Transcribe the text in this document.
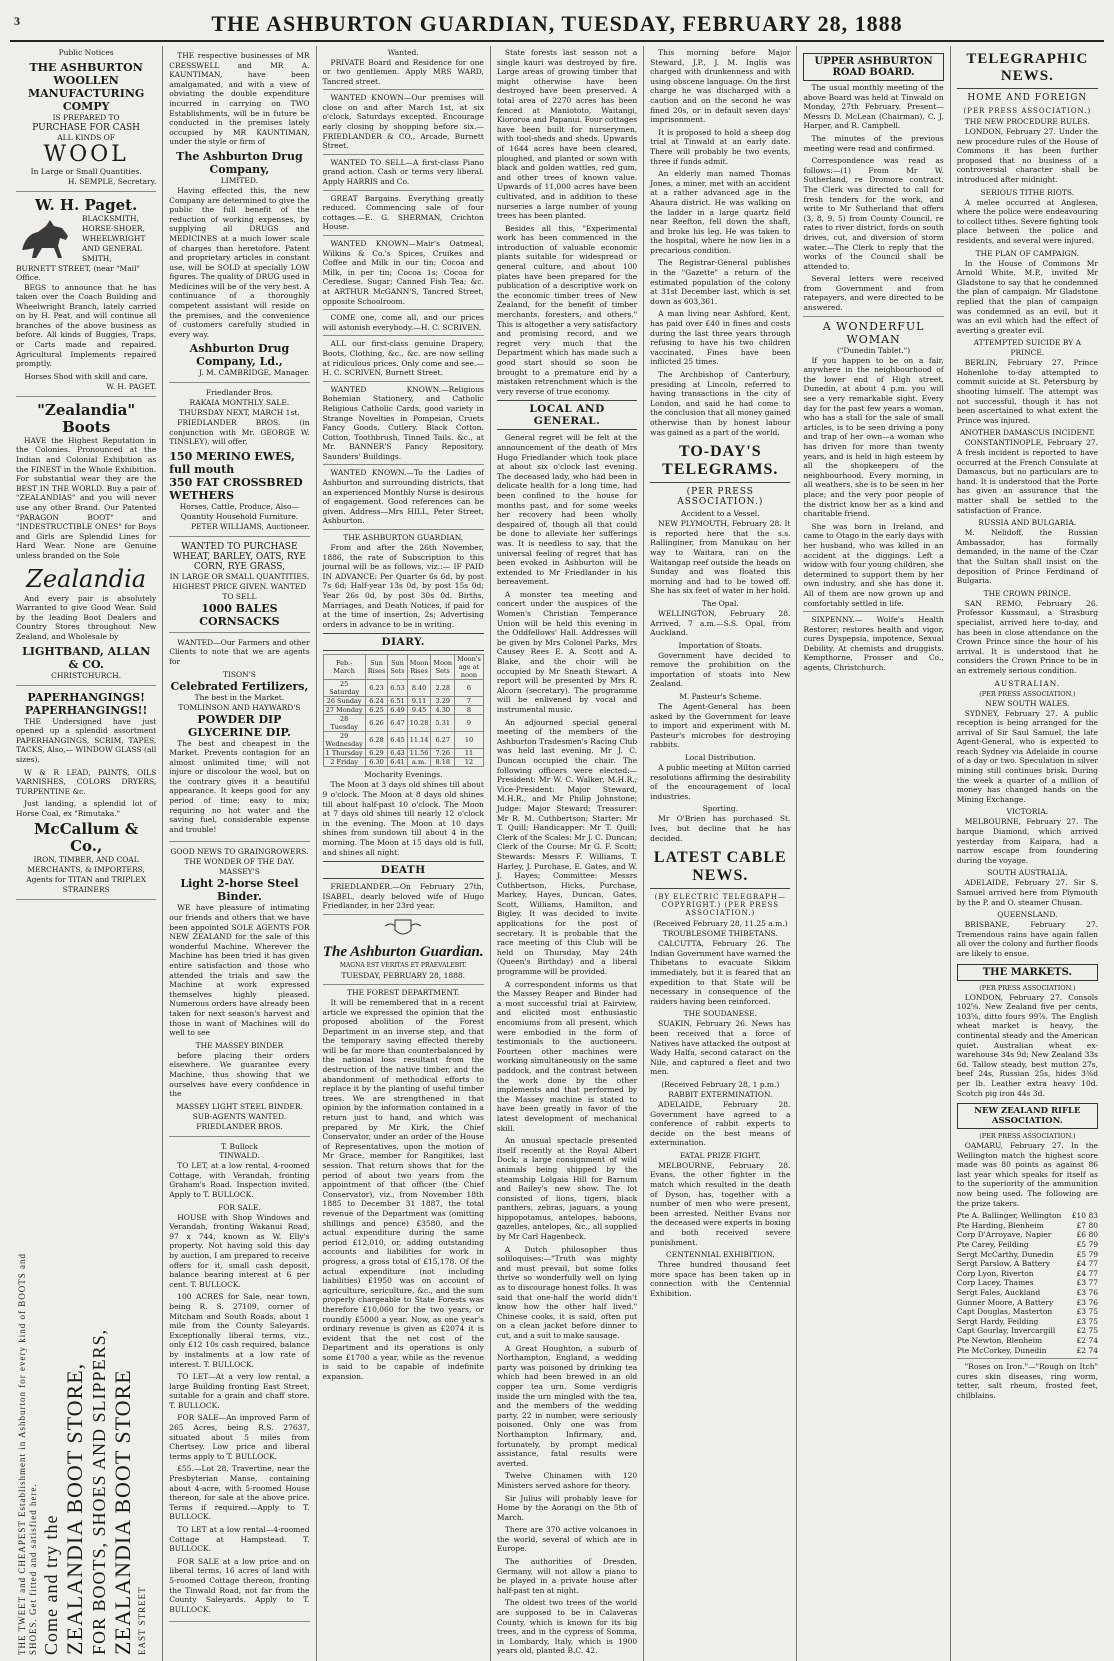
3	THE ASHBURTON GUARDIAN, TUESDAY, FEBRUARY 28, 1888
Public Notices
THE ASHBURTON WOOLLEN
MANUFACTURING COMPY
IS PREPARED TO
PURCHASE FOR CASH
ALL KINDS OF
WOOL
In Large or Small Quantities.
H. SEMPLE, Secretary.
W. H. Paget.
BLACKSMITH, HORSE-SHOER, WHEELWRIGHT AND GENERAL SMITH,
BURNETT STREET, (near "Mail" Office.

BEGS to announce that he has taken over the Coach Building and Wheelwright Branch, lately carried on by H. Peat, and will continue all branches of the above business as before. All kinds of Buggies, Traps, or Carts made and repaired. Agricultural Implements repaired promptly.

Horses Shod with skill and care.
W. H. PAGET.
"Zealandia" Boots

HAVE the Highest Reputation in the Colonies. Pronounced at the Indian and Colonial Exhibition as the FINEST in the Whole Exhibition. For substantial wear they are the BEST IN THE WORLD. Buy a pair of "ZEALANDIAS" and you will never use any other Brand. Our Patented "PARAGON BOOT" and "INDESTRUCTIBLE ONES" for Boys and Girls are Splendid Lines for Hard Wear. None are Genuine unless branded on the Sole

Zealandia

And every pair is absolutely Warranted to give Good Wear. Sold by the leading Boot Dealers and Country Stores throughout New Zealand, and Wholesale by

LIGHTBAND, ALLAN & CO.
CHRISTCHURCH.
PAPERHANGINGS! PAPERHANGINGS!!

THE Undersigned have just opened up a splendid assortment PAPERHANGINGS, SCRIM, TAPES, TACKS, Also,— WINDOW GLASS (all sizes).

W & R LEAD, PAINTS, OILS VARNISHES, COLORS DRYERS, TURPENTINE &c.

Just landing, a splendid lot of Horse Coal, ex "Rimutaka."

McCallum & Co.,
IRON, TIMBER, AND COAL MERCHANTS, & IMPORTERS,
Agents for TITAN and TRIPLEX STRAINERS
THE TWEET and CHEAPEST Establishment in Ashburton for every kind of BOOTS and SHOES. Get fitted and satisfied here. Come and try the ZEALANDIA BOOT STORE, FOR BOOTS, SHOES AND SLIPPERS, ZEALANDIA BOOT STORE EAST STREET

THE respective businesses of MR CRESSWELL and MR A. KAUNTIMAN, have been amalgamated, and with a view of obviating the double expenditure incurred in carrying on TWO Establishments, will be in future be conducted in the premises lately occupied by MR KAUNTIMAN, under the style or firm of

The Ashburton Drug Company,
LIMITED.

Having effected this, the new Company are determined to give the public the full benefit of the reduction of working expenses, by supplying all DRUGS and MEDICINES at a much lower scale of charges than heretofore. Patent and proprietary articles in constant use, will be SOLD at specially LOW figures. The quality of DRUG used in Medicines will be of the very best. A continuance of a thoroughly competent assistant will reside on the premises, and the convenience of customers carefully studied in every way.

Ashburton Drug Company, Ld.,
J. M. CAMBRIDGE, Manager.
Friedlander Bros.
RAKAIA MONTHLY SALE.
THURSDAY NEXT, MARCH 1st.

FRIEDLANDER BROS. (in conjunction with Mr. GEORGE W. TINSLEY), will offer,

150 MERINO EWES, full mouth
350 FAT CROSSBRED WETHERS
Horses, Cattle, Produce, Also— Quantity Household Furniture.
PETER WILLIAMS, Auctioneer.
WANTED TO PURCHASE WHEAT, BARLEY, OATS, RYE CORN, RYE GRASS,
IN LARGE OR SMALL QUANTITIES. HIGHEST PRICE GIVEN. WANTED TO SELL
1000 BALES CORNSACKS

WANTED—Our Farmers and other Clients to note that we are agents for

TISON'S
Celebrated Fertilizers,
The best in the Market.
TOMLINSON AND HAYWARD'S
POWDER DIP
GLYCERINE DIP.

The best and cheapest in the Market. Prevents contagion for an almost unlimited time; will not injure or discolour the wool, but on the contrary gives it a beautiful appearance. It keeps good for any period of time; easy to mix; requiring no hot water and the saving fuel, considerable expense and trouble!

GOOD NEWS TO GRAINGROWERS.
THE WONDER OF THE DAY.
MASSEY'S
Light 2-horse Steel Binder.

WE have pleasure of intimating our friends and others that we have been appointed SOLE AGENTS FOR NEW ZEALAND for the sale of this wonderful Machine. Wherever the Machine has been tried it has given entire satisfaction and those who attended the trials and saw the Machine at work expressed themselves highly pleased. Numerous orders have already been taken for next season's harvest and those in want of Machines will do well to see

THE MASSEY BINDER

before placing their orders elsewhere. We guarantee every Machine, thus showing that we ourselves have every confidence in the

MASSEY LIGHT STEEL BINDER.
SUB-AGENTS WANTED.
FRIEDLANDER BROS.
T. Bullock
TINWALD.

TO LET, at a low rental, 4-roomed Cottage, with Verandah, fronting Graham's Road. Inspection invited. Apply to T. BULLOCK.

FOR SALE.

HOUSE with Shop Windows and Verandah, fronting Wakanui Road, 97 x 744, known as W. Elly's property. Not having sold this day by auction, I am prepared to receive offers for it, small cash deposit, balance bearing interest at 6 per cent. T. BULLOCK.

100 ACRES for Sale, near town, being R. S. 27109, corner of Mitcham and South Roads, about 1 mile from the County Saleyards. Exceptionally liberal terms, viz., only £12 10s cash required, balance by instalments at a low rate of interest. T. BULLOCK.

TO LET—At a very low rental, a large Building fronting East Street, suitable for a grain and chaff store. T. BULLOCK.

FOR SALE—An improved Farm of 265 Acres, being R.S. 27637, situated about 5 miles from Chertsey. Low price and liberal terms apply to T. BULLOCK.

£55.—Lot 28, Travertine, near the Presbyterian Manse, containing about 4-acre, with 5-roomed House thereon, for sale at the above price. Terms if required.—Apply to T. BULLOCK.

TO LET at a low rental—4-roomed Cottage at Hampstead. T. BULLOCK.

FOR SALE at a low price and on liberal terms, 16 acres of land with 5-roomed Cottage thereon, fronting the Tinwald Road, not far from the County Saleyards. Apply to T. BULLOCK.

Wanted.

PRIVATE Board and Residence for one or two gentlemen. Apply MRS WARD, Tancred street.

WANTED KNOWN—Our premises will close on and after March 1st, at six o'clock, Saturdays excepted. Encourage early closing by shopping before six.—FRIEDLANDER & CO., Arcade, Burnett Street.

WANTED TO SELL—A first-class Piano grand action. Cash or terms very liberal. Apply HARRIS and Co.

GREAT Bargains. Everything greatly reduced. Commencing sale of four cottages.—E. G. SHERMAN, Crichton House.

WANTED KNOWN—Mair's Oatmeal, Wilkins & Co.'s Spices, Cruikes and Coffee and Milk in our tin; Cocoa and Milk, in per tin; Cocoa 1s; Cocoa for Ceredlese. Sugar; Canned Fish Tea; &c. at ARTHUR McGANN'S, Tancred Street, opposite Schoolroom.

COME one, come all, and our prices will astonish everybody.—H. C. SCRIVEN.

ALL our first-class genuine Drapery, Boots, Clothing, &c., &c. are now selling at ridiculous prices. Only come and see.—H. C. SCRIVEN, Burnett Street.

WANTED KNOWN.—Religious Bohemian Stationery, and Catholic Religious Catholic Cards, good variety in Strange Novelties in Pompeian, Cruets Fancy Goods, Cutlery. Black Cotton. Cotton, Toothbrush, Tinned Tails. &c., at Mr. BANNER'S Fancy Repository, Saunders' Buildings.

WANTED KNOWN.—To the Ladies of Ashburton and surrounding districts, that an experienced Monthly Nurse is desirous of engagement. Good references can be given. Address—Mrs HILL, Peter Street, Ashburton.

THE ASHBURTON GUARDIAN.

From and after the 26th November, 1886, the rate of Subscription to this journal will be as follows, viz.:— IF PAID IN ADVANCE: Per Quarter 6s 6d, by post 7s 6d; Half-year 13s 0d, by post 15s 0d; Year 26s 0d, by post 30s 0d. Births, Marriages, and Death Notices, if paid for at the time of insertion, 2s; Advertising orders in advance to be in writing.

DIARY.
Feb.-March	Sun Rises	Sun Sets	Moon Rises	Moon Sets	Moon's age at noon
25 Saturday	6.23	6.53	8.40	2.28	6
26 Sunday	6.24	6.51	9.11	3.29	7
27 Monday	6.25	6.49	9.45	4.30	8
28 Tuesday	6.26	6.47	10.28	5.31	9
29 Wednesday	6.28	6.45	11.14	6.27	10
1 Thursday	6.29	6.43	11.56	7.26	11
2 Friday	6.30	6.41	a.m.	8.18	12
Mocharity Evenings.

The Moon at 3 days old shines till about 9 o'clock. The Moon at 8 days old shines till about half-past 10 o'clock. The Moon at 7 days old shines till nearly 12 o'clock in the evening. The Moon at 10 days shines from sundown till about 4 in the morning. The Moon at 15 days old is full, and shines all night.

DEATH

FRIEDLANDER.—On February 27th, ISABEL, dearly beloved wife of Hugo Friedlander, in her 23rd year.

The Ashburton Guardian.
MAGNA EST VERITAS ET PRAEVALEBIT.
TUESDAY, FEBRUARY 28, 1888.
THE FOREST DEPARTMENT.

It will be remembered that in a recent article we expressed the opinion that the proposed abolition of the Forest Department in an inverse step, and that the temporary saving effected thereby will be far more than counterbalanced by the national loss resultant from the destruction of the native timber, and the abandonment of methodical efforts to replace it by the planting of useful timber trees. We are strengthened in that opinion by the information contained in a return just to hand, and which was prepared by Mr Kirk, the Chief Conservator, under an order of the House of Representatives, upon the motion of Mr Grace, member for Rangitikei, last session. That return shows that for the period of about two years from the appointment of that officer (the Chief Conservator), viz., from November 18th 1885 to December 31 1887, the total revenue of the Department was (omitting shillings and pence) £3580, and the actual expenditure during the same period £12,010, or, adding outstanding accounts and liabilities for work in progress, a gross total of £15,178. Of the actual expenditure (not including liabilities) £1950 was on account of agriculture, sericulture, &c., and the sum properly chargeable to State Forests was therefore £10,060 for the two years, or roundly £5000 a year. Now, as one year's ordinary revenue is given as £2074 it is evident that the net cost of the Department and its operations is only some £1700 a year, while as the revenue is said to be capable of indefinite expansion.

State forests last season not a single kauri was destroyed by fire. Large areas of growing timber that might otherwise have been destroyed have been preserved. A total area of 2270 acres has been fenced at Maniototo, Waitangi, Kiororoa and Papanui. Four cottages have been built for nurserymen, with tool-sheds and sheds. Upwards of 1644 acres have been cleared, ploughed, and planted or sown with black and golden wattles, red gum, and other trees of known value. Upwards of 11,000 acres have been cultivated, and in addition to these nurseries a large number of young trees has been planted.

Besides all this, "Experimental work has been commenced in the introduction of valuable economic plants suitable for widespread or general culture, and about 100 plates have been prepared for the publication of a descriptive work on the economic timber trees of New Zealand, for the benefit of timber merchants, foresters, and others." This is altogether a very satisfactory and promising record, and we regret very much that the Department which has made such a good start should so soon be brought to a premature end by a mistaken retrenchment which is the very reverse of true economy.

LOCAL AND GENERAL.

General regret will be felt at the announcement of the death of Mrs Hugo Friedlander which took place at about six o'clock last evening. The deceased lady, who had been in delicate health for a long time, had been confined to the house for months past, and for some weeks her recovery had been wholly despaired of, though all that could be done to alleviate her sufferings was. It is needless to say, that the universal feeling of regret that has been evoked in Ashburton will be extended to Mr Friedlander in his bereavement.

A monster tea meeting and concert under the auspices of the Women's Christian Temperance Union will be held this evening in the Oddfellows' Hall. Addresses will be given by Mrs Colonel Parks, Mrs Causey Rees E. A. Scott and A. Blake, and the choir will be occupied by Mr Sneath Stewart. A report will be presented by Mrs R. Alcorn (secretary). The programme will be enlivened by vocal and instrumental music.

An adjourned special general meeting of the members of the Ashburton Tradesmen's Racing Club was held last evening. Mr J. C. Duncan occupied the chair. The following officers were elected:—President: Mr W. C. Walker, M.H.R.; Vice-President: Major Steward, M.H.R., and Mr Philip Johnstone; Judge: Major Steward; Treasurer: Mr R. M. Cuthbertson; Starter: Mr T. Quill; Handicapper: Mr T. Quill; Clerk of the Scales: Mr J. C. Duncan; Clerk of the Course: Mr G. F. Scott; Stewards: Messrs F. Williams, T. Harley, J. Purchase, E. Gates, and W. J. Hayes; Committee: Messrs Cuthbertson, Hicks, Purchase, Markey, Hayes, Duncan, Gates, Scott, Williams, Hamilton, and Bigley. It was decided to invite applications for the post of secretary. It is probable that the race meeting of this Club will be held on Thursday, May 24th (Queen's Birthday) and a liberal programme will be provided.

A correspondent informs us that the Massey Reaper and Binder had a most successful trial at Fairview, and elicited most enthusiastic encomiums from all present, which were embodied in the form of testimonials to the auctioneers. Fourteen other machines were working simultaneously on the same paddock, and the contrast between the work done by the other implements and that performed by the Massey machine is stated to have been greatly in favor of the latest development of mechanical skill.

An unusual spectacle presented itself recently at the Royal Albert Dock; a large consignment of wild animals being shipped by the steamship Lolgaia Hill for Barnum and Bailey's new show. The lot consisted of lions, tigers, black panthers, zebras, jaguars, a young hippopotamus, antelopes, baboons, gazelles, antelopes, &c., all supplied by Mr Carl Hagenbeck.

A Dutch philosopher thus soliloquises:—"Truth was mighty and must prevail, but some folks thrive so wonderfully well on lying as to discourage honest folks. It was said that one-half the world didn't know how the other half lived." Chinese cooks, it is said, often put on a clean jacket before dinner to cut, and a suit to make sausage.

A Great Houghton, a suburb of Northampton, England, a wedding party was poisoned by drinking tea which had been brewed in an old copper tea urn. Some verdigris inside the urn mingled with the tea, and the members of the wedding party, 22 in number, were seriously poisoned. Only one was from Northampton Infirmary, and, fortunately, by prompt medical assistance, fatal results were averted.

Twelve Chinamen with 120 Ministers served ashore for theory.

Sir Julius will probably leave for Home by the Aorangi on the 5th of March.

There are 370 active volcanoes in the world, several of which are in Europe.

The authorities of Dresden, Germany, will not allow a piano to be played in a private house after half-past ten at night.

The oldest two trees of the world are supposed to be in Calaveras County, which is known for its big trees, and in the cypress of Somma, in Lombardy, Italy, which is 1900 years old, planted B.C. 42.

This morning before Major Steward, J.P., J. M. Inglis was charged with drunkenness and with using obscene language. On the first charge he was discharged with a caution and on the second he was fined 20s, or in default seven days' imprisonment.

It is proposed to hold a sheep dog trial at Tinwald at an early date. There will probably be two events, three if funds admit.

An elderly man named Thomas Jones, a miner, met with an accident at a rather advanced age in the Ahaura district. He was walking on the ladder in a large quartz field near Reefton, fell down the shaft, and broke his leg. He was taken to the hospital, where he now lies in a precarious condition.

The Registrar-General publishes in the "Gazette" a return of the estimated population of the colony at 31st December last, which is set down as 603,361.

A man living near Ashford, Kent, has paid over £40 in fines and costs during the last three years through refusing to have his two children vaccinated. Fines have been inflicted 25 times.

The Archbishop of Canterbury, presiding at Lincoln, referred to having transactions in the city of London, and said he had come to the conclusion that all money gained otherwise than by honest labour was gained as a part of the world.

TO-DAY'S TELEGRAMS.
(PER PRESS ASSOCIATION.)
Accident to a Vessel.

NEW PLYMOUTH, February 28. It is reported here that the s.s. Rallinginer, from Manukau on her way to Waitara, ran on the Waitangap reef outside the heads on Sunday and was floated this morning and had to be towed off. She has six feet of water in her hold.

The Opal.

WELLINGTON, February 28. Arrived, 7 a.m.—S.S. Opal, from Auckland.

Importation of Stoats.

Government have decided to remove the prohibition on the importation of stoats into New Zealand.

M. Pasteur's Scheme.

The Agent-General has been asked by the Government for leave to import and experiment with M. Pasteur's microbes for destroying rabbits.

Local Distribution.

A public meeting at Milton carried resolutions affirming the desirability of the encouragement of local industries.

Sporting.

Mr O'Brien has purchased St. Ives, but decline that he has decided.

LATEST CABLE NEWS.
(BY ELECTRIC TELEGRAPH—COPYRIGHT.) (PER PRESS ASSOCIATION.)
(Received February 28, 11.25 a.m.)
TROUBLESOME THIBETANS.

CALCUTTA, February 26. The Indian Government have warned the Thibetans to evacuate Sikkim immediately, but it is feared that an expedition to that State will be necessary in consequence of the raiders having been reinforced.

THE SOUDANESE.

SUAKIN, February 26. News has been received that a force of Natives have attacked the outpost at Wady Halfa, second cataract on the Nile, and captured a fleet and two men.

(Received February 28, 1 p.m.)
RABBIT EXTERMINATION.

ADELAIDE, February 28. Government have agreed to a conference of rabbit experts to decide on the best means of extermination.

FATAL PRIZE FIGHT.

MELBOURNE, February 28. Evans, the other fighter in the match which resulted in the death of Dyson, has, together with a number of men who were present, been arrested. Neither Evans nor the deceased were experts in boxing and both received severe punishment.

CENTENNIAL EXHIBITION.

Three hundred thousand feet more space has been taken up in connection with the Centennial Exhibition.

UPPER ASHBURTON ROAD BOARD.

The usual monthly meeting of the above Board was held at Tinwald on Monday, 27th February. Present—Messrs D. McLean (Chairman), C. J. Harper, and R. Campbell.

The minutes of the previous meeting were read and confirmed.

Correspondence was read as follows:—(1) From Mr W. Sutherland, re Dromore contract. The Clerk was directed to call for fresh tenders for the work, and write to Mr Sutherland that offers (3, 8, 9, 5) from County Council, re rates to river district, fords on south drives, cut, and diversion of storm water.—The Clerk to reply that the works of the Council shall be attended to.

Several letters were received from Government and from ratepayers, and were directed to be answered.

A WONDERFUL WOMAN
("Dunedin Tablet.")

If you happen to be on a fair, anywhere in the neighbourhood of the lower end of High street, Dunedin, at about 4 p.m. you will see a very remarkable sight. Every day for the past few years a woman, who has a stall for the sale of small articles, is to be seen driving a pony and trap of her own—a woman who has driven for more than twenty years, and is held in high esteem by all the shopkeepers of the neighbourhood. Every morning, in all weathers, she is to be seen in her place; and the very poor people of the district know her as a kind and charitable friend.

She was born in Ireland, and came to Otago in the early days with her husband, who was killed in an accident at the diggings. Left a widow with four young children, she determined to support them by her own industry, and she has done it. All of them are now grown up and comfortably settled in life.

SIXPENNY.— Wolfe's Health Restorer; restores health and vigor, cures Dyspepsia, impotence, Sexual Debility. At chemists and druggists. Kempthorne, Prosser and Co., agents, Christchurch.

TELEGRAPHIC NEWS.
HOME AND FOREIGN
(PER PRESS ASSOCIATION.)
THE NEW PROCEDURE RULES.

LONDON, February 27. Under the new procedure rules of the House of Commons it has been further proposed that no business of a controversial character shall be introduced after midnight.

SERIOUS TITHE RIOTS.

A melee occurred at Anglesea, where the police were endeavouring to collect tithes. Severe fighting took place between the police and residents, and several were injured.

THE PLAN OF CAMPAIGN.

In the House of Commons Mr Arnold White, M.P., invited Mr Gladstone to say that he condemned the plan of campaign. Mr Gladstone replied that the plan of campaign was condemned as an evil, but it was an evil which had the effect of averting a greater evil.

ATTEMPTED SUICIDE BY A PRINCE.

BERLIN, February 27. Prince Hohenlohe to-day attempted to commit suicide at St. Petersburg by shooting himself. The attempt was not successful, though it has not been ascertained to what extent the Prince was injured.

ANOTHER DAMASCUS INCIDENT.

CONSTANTINOPLE, February 27. A fresh incident is reported to have occurred at the French Consulate at Damascus, but no particulars are to hand. It is understood that the Porte has given an assurance that the matter shall be settled to the satisfaction of France.

RUSSIA AND BULGARIA.

M. Nelidoff, the Russian Ambassador, has formally demanded, in the name of the Czar that the Sultan shall insist on the deposition of Prince Ferdinand of Bulgaria.

THE CROWN PRINCE.

SAN REMO, February 26. Professor Kussmaul, a Strasburg specialist, arrived here to-day, and has been in close attendance on the Crown Prince since the hour of his arrival. It is understood that he considers the Crown Prince to be in an extremely serious condition.

AUSTRALIAN.
(PER PRESS ASSOCIATION.)
NEW SOUTH WALES.

SYDNEY, February 27. A public reception is being arranged for the arrival of Sir Saul Samuel, the late Agent-General, who is expected to reach Sydney via Adelaide in course of a day or two. Speculation in silver mining still continues brisk. During the week a quarter of a million of money has changed hands on the Mining Exchange.

VICTORIA.

MELBOURNE, February 27. The barque Diamond, which arrived yesterday from Kaipara, had a narrow escape from foundering during the voyage.

SOUTH AUSTRALIA.

ADELAIDE, February 27. Sir S. Samuel arrived here from Plymouth by the P. and O. steamer Chusan.

QUEENSLAND.

BRISBANE, February 27. Tremendous rains have again fallen all over the colony and further floods are likely to ensue.

THE MARKETS.
(PER PRESS ASSOCIATION.)

LONDON, February 27. Consols 102⅝. New Zealand five per cents, 103⅝, ditto fours 99⅞. The English wheat market is heavy, the continental steady and the American quiet. Australian wheat ex-warehouse 34s 9d; New Zealand 33s 6d. Tallow steady, best mutton 27s, beef 24s, Russian 25s, hides 3⅜d per lb. Leather extra heavy 10d. Scotch pig iron 44s 3d.

NEW ZEALAND RIFLE ASSOCIATION.
(PER PRESS ASSOCIATION.)

OAMARU, February 27. In the Wellington match the highest score made was 80 points as against 86 last year which speaks for itself as to the superiority of the ammunition now being used. The following are the prize takers.

Pte A. Ballinger, Wellington £10 83
Pte Harding, Blenheim	£7 80
Corp D'Arroyave, Napier	£6 80
Pte Carey, Feilding	£5 79
Sergt McCarthy, Dunedin	£5 79
Sergt Parslow, A Battery	£4 77
Corp Lyon, Riverton	£4 77
Corp Lacey, Thames	£3 77
Sergt Fales, Auckland	£3 76
Gunner Moore, A Battery	£3 76
Capt Douglas, Masterton	£3 75
Sergt Hardy, Feilding	£3 75
Capt Gourlay, Invercargill	£2 75
Pte Newton, Blenheim	£2 74
Pte McCorkey, Dunedin	£2 74

"Roses on Iron."—"Rough on Itch" cures skin diseases, ring worm, tetter, salt rheum, frosted feet, chilblains.
